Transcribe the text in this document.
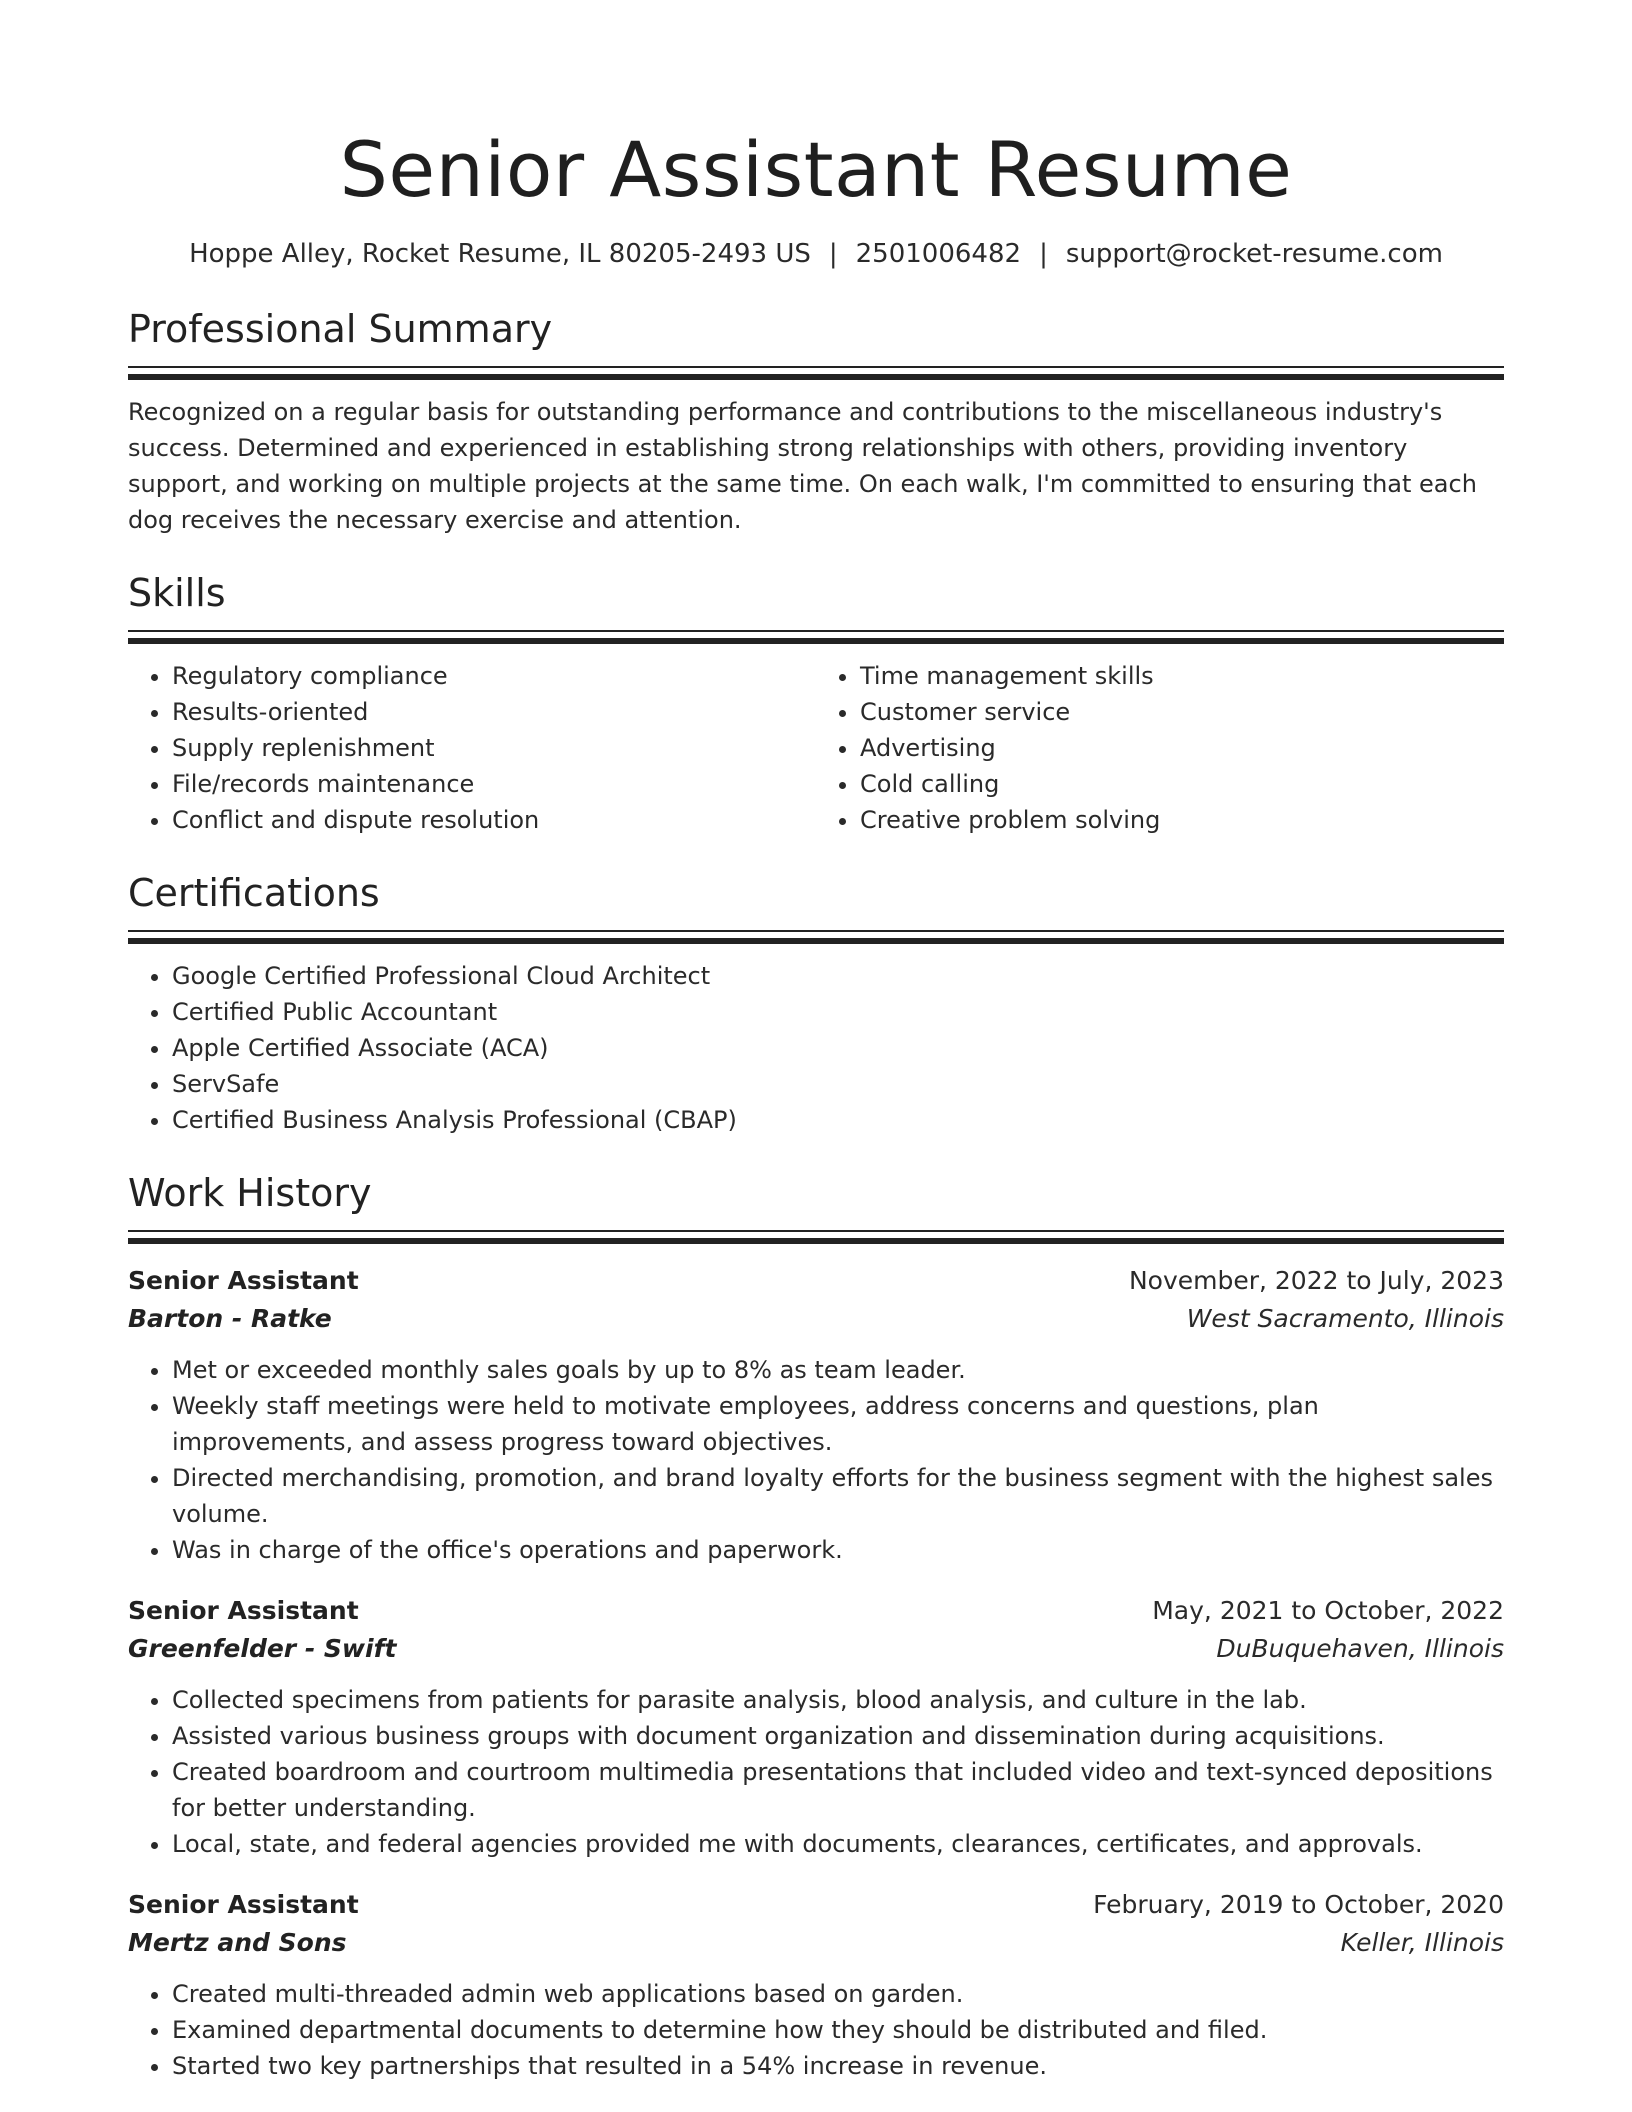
Senior Assistant Resume
Hoppe Alley, Rocket Resume, IL 80205-2493 US | 2501006482 | support@rocket-resume.com
Professional Summary

Recognized on a regular basis for outstanding performance and contributions to the miscellaneous industry's success. Determined and experienced in establishing strong relationships with others, providing inventory support, and working on multiple projects at the same time. On each walk, I'm committed to ensuring that each dog receives the necessary exercise and attention.

Skills
• Regulatory compliance
• Results-oriented
• Supply replenishment
• File/records maintenance
• Conflict and dispute resolution
• Time management skills
• Customer service
• Advertising
• Cold calling
• Creative problem solving
Certifications
• Google Certified Professional Cloud Architect
• Certified Public Accountant
• Apple Certified Associate (ACA)
• ServSafe
• Certified Business Analysis Professional (CBAP)
Work History
Senior Assistant	November, 2022 to July, 2023
Barton - Ratke	West Sacramento, Illinois
• Met or exceeded monthly sales goals by up to 8% as team leader.
• Weekly staff meetings were held to motivate employees, address concerns and questions, plan improvements, and assess progress toward objectives.
• Directed merchandising, promotion, and brand loyalty efforts for the business segment with the highest sales volume.
• Was in charge of the office's operations and paperwork.
Senior Assistant	May, 2021 to October, 2022
Greenfelder - Swift	DuBuquehaven, Illinois
• Collected specimens from patients for parasite analysis, blood analysis, and culture in the lab.
• Assisted various business groups with document organization and dissemination during acquisitions.
• Created boardroom and courtroom multimedia presentations that included video and text-synced depositions for better understanding.
• Local, state, and federal agencies provided me with documents, clearances, certificates, and approvals.
Senior Assistant	February, 2019 to October, 2020
Mertz and Sons	Keller, Illinois
• Created multi-threaded admin web applications based on garden.
• Examined departmental documents to determine how they should be distributed and filed.
• Started two key partnerships that resulted in a 54% increase in revenue.
